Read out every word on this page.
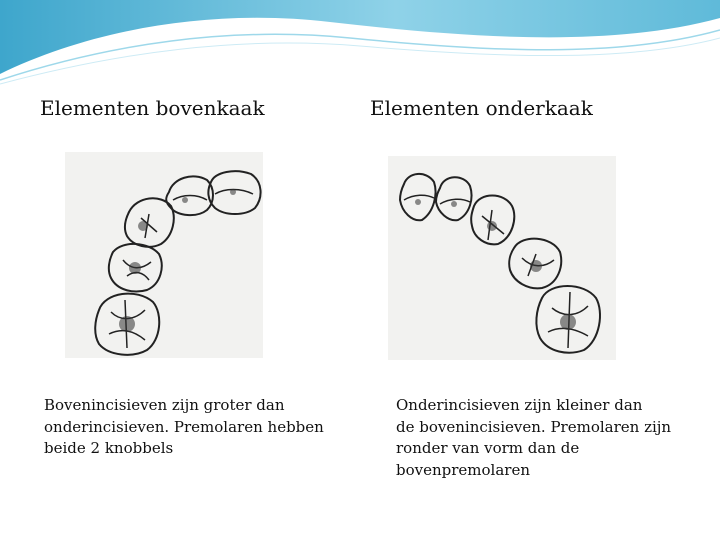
Elementen bovenkaak

Bovenincisieven zijn groter dan
onderincisieven. Premolaren hebben
beide 2 knobbels

Elementen onderkaak

Onderincisieven zijn kleiner dan
de bovenincisieven. Premolaren zijn
ronder van vorm dan de
bovenpremolaren
